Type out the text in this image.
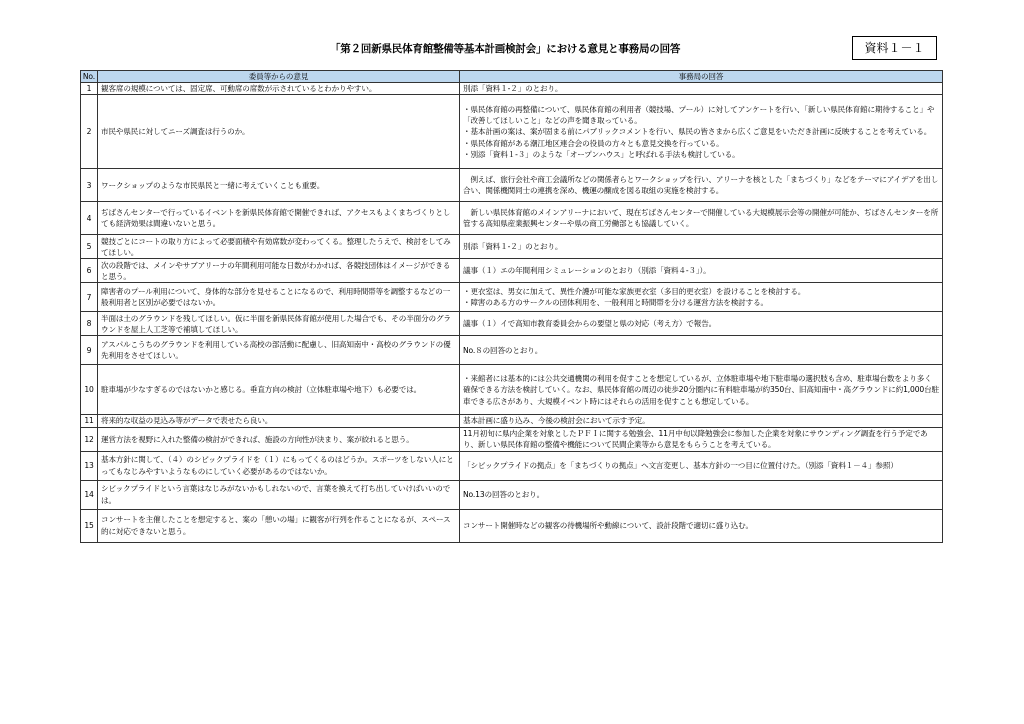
「第２回新県民体育館整備等基本計画検討会」における意見と事務局の回答	資料１－１
No.	委員等からの意見	事務局の回答
1	観客席の規模については、固定席、可動席の席数が示されているとわかりやすい。	別添「資料１-２」のとおり。

2	市民や県民に対してニーズ調査は行うのか。	・県民体育館の再整備について、県民体育館の利用者（競技場、プール）に対してアンケートを行い、「新しい県民体育館に期待すること」や「改善してほしいこと」などの声を聞き取っている。

・基本計画の案は、案が固まる前にパブリックコメントを行い、県民の皆さまから広くご意見をいただき計画に反映することを考えている。

・県民体育館がある潮江地区連合会の役員の方々とも意見交換を行っている。

・別添「資料１-３」のような「オープンハウス」と呼ばれる手法も検討している。

3	ワークショップのような市民県民と一緒に考えていくことも重要。	　例えば、旅行会社や商工会議所などの関係者らとワークショップを行い、アリーナを核とした「まちづくり」などをテーマにアイデアを出し合い、関係機関同士の連携を深め、機運の醸成を図る取組の実施を検討する。

4	ぢばさんセンターで行っているイベントを新県民体育館で開催できれば、アクセスもよくまちづくりとしても経済効果は間違いないと思う。	　新しい県民体育館のメインアリーナにおいて、現在ぢばさんセンターで開催している大規模展示会等の開催が可能か、ぢばさんセンターを所管する高知県産業振興センターや県の商工労働部とも協議していく。

5	競技ごとにコートの取り方によって必要面積や有効席数が変わってくる。整理したうえで、検討をしてみてほしい。	別添「資料１-２」のとおり。

6	次の段階では、メインやサブアリーナの年間利用可能な日数がわかれば、各競技団体はイメージができると思う。	議事（１）エの年間利用シミュレーションのとおり（別添「資料４-３」）。

7	障害者のプール利用について、身体的な部分を見せることになるので、利用時間帯等を調整するなどの一般利用者と区別が必要ではないか。	・更衣室は、男女に加えて、異性介護が可能な家族更衣室（多目的更衣室）を設けることを検討する。

・障害のある方のサークルの団体利用を、一般利用と時間帯を分ける運営方法を検討する。

8	半面は土のグラウンドを残してほしい。仮に半面を新県民体育館が使用した場合でも、その半面分のグラウンドを屋上人工芝等で補填してほしい。	議事（１）イで高知市教育委員会からの要望と県の対応（考え方）で報告。

9	アスパルこうちのグラウンドを利用している高校の部活動に配慮し、旧高知南中・高校のグラウンドの優先利用をさせてほしい。	No.８の回答のとおり。

10	駐車場が少なすぎるのではないかと感じる。垂直方向の検討（立体駐車場や地下）も必要では。	・来館者には基本的には公共交通機関の利用を促すことを想定しているが、立体駐車場や地下駐車場の選択肢も含め、駐車場台数をより多く確保できる方法を検討していく。なお、県民体育館の周辺の徒歩20分圏内に有料駐車場が約350台、旧高知南中・高グラウンドに約1,000台駐車できる広さがあり、大規模イベント時にはそれらの活用を促すことも想定している。

11	将来的な収益の見込み等がデータで表せたら良い。	基本計画に盛り込み、今後の検討会において示す予定。

12	運営方法を視野に入れた整備の検討ができれば、施設の方向性が決まり、案が絞れると思う。	11月初旬に県内企業を対象としたＰＦＩに関する勉強会、11月中旬以降勉強会に参加した企業を対象にサウンディング調査を行う予定であり、新しい県民体育館の整備や機能について民間企業等から意見をもらうことを考えている。

13	基本方針に関して、（４）のシビックプライドを（１）にもってくるのはどうか。スポーツをしない人にとってもなじみやすいようなものにしていく必要があるのではないか。	「シビックプライドの拠点」を「まちづくりの拠点」へ文言変更し、基本方針の一つ目に位置付けた。（別添「資料１－４」参照）

14	シビックプライドという言葉はなじみがないかもしれないので、言葉を換えて打ち出していけばいいのでは。	No.13の回答のとおり。

15	コンサートを主催したことを想定すると、案の「憩いの場」に観客が行列を作ることになるが、スペース的に対応できないと思う。	コンサート開催時などの観客の待機場所や動線について、設計段階で適切に盛り込む。
